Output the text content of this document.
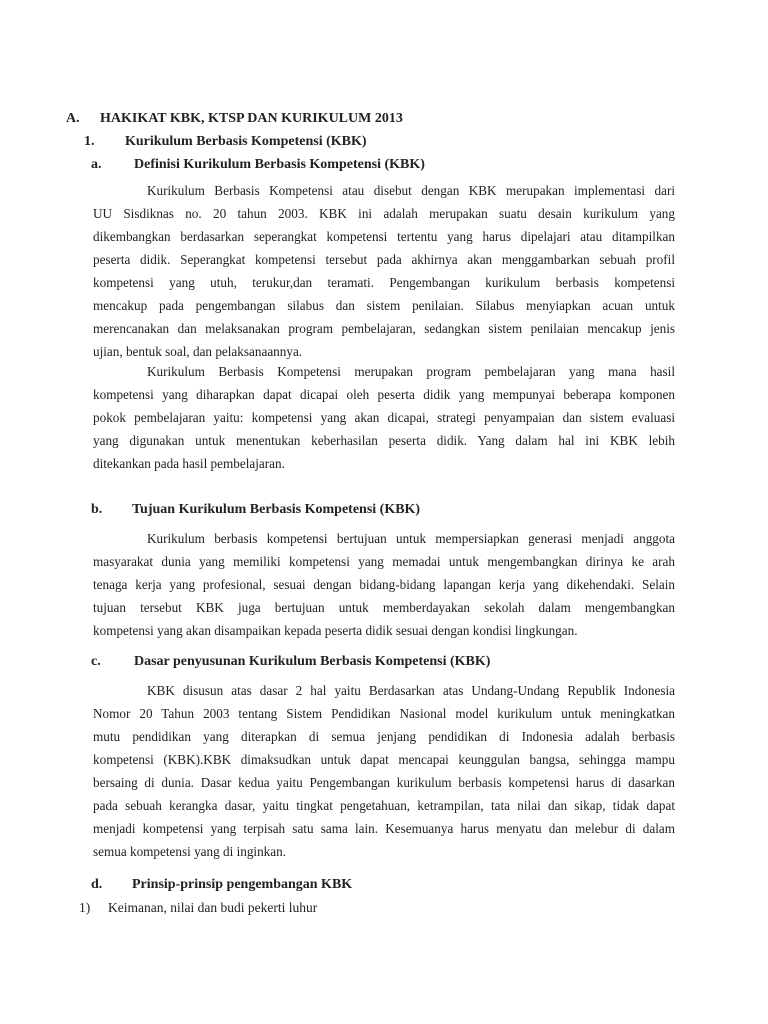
A. HAKIKAT KBK, KTSP DAN KURIKULUM 2013
1. Kurikulum Berbasis Kompetensi (KBK)
a. Definisi Kurikulum Berbasis Kompetensi (KBK)
Kurikulum Berbasis Kompetensi atau disebut dengan KBK merupakan implementasi dari
UU Sisdiknas no. 20 tahun 2003. KBK ini adalah merupakan suatu desain kurikulum yang
dikembangkan berdasarkan seperangkat kompetensi tertentu yang harus dipelajari atau ditampilkan
peserta didik. Seperangkat kompetensi tersebut pada akhirnya akan menggambarkan sebuah profil
kompetensi yang utuh, terukur,dan teramati. Pengembangan kurikulum berbasis kompetensi
mencakup pada pengembangan silabus dan sistem penilaian. Silabus menyiapkan acuan untuk
merencanakan dan melaksanakan program pembelajaran, sedangkan sistem penilaian mencakup jenis
ujian, bentuk soal, dan pelaksanaannya.
Kurikulum Berbasis Kompetensi merupakan program pembelajaran yang mana hasil
kompetensi yang diharapkan dapat dicapai oleh peserta didik yang mempunyai beberapa komponen
pokok pembelajaran yaitu: kompetensi yang akan dicapai, strategi penyampaian dan sistem evaluasi
yang digunakan untuk menentukan keberhasilan peserta didik. Yang dalam hal ini KBK lebih
ditekankan pada hasil pembelajaran.
b. Tujuan Kurikulum Berbasis Kompetensi (KBK)
Kurikulum berbasis kompetensi bertujuan untuk mempersiapkan generasi menjadi anggota
masyarakat dunia yang memiliki kompetensi yang memadai untuk mengembangkan dirinya ke arah
tenaga kerja yang profesional, sesuai dengan bidang-bidang lapangan kerja yang dikehendaki. Selain
tujuan tersebut KBK juga bertujuan untuk memberdayakan sekolah dalam mengembangkan
kompetensi yang akan disampaikan kepada peserta didik sesuai dengan kondisi lingkungan.
c. Dasar penyusunan Kurikulum Berbasis Kompetensi (KBK)
KBK disusun atas dasar 2 hal yaitu Berdasarkan atas Undang-Undang Republik Indonesia
Nomor 20 Tahun 2003 tentang Sistem Pendidikan Nasional model kurikulum untuk meningkatkan
mutu pendidikan yang diterapkan di semua jenjang pendidikan di Indonesia adalah berbasis
kompetensi (KBK).KBK dimaksudkan untuk dapat mencapai keunggulan bangsa, sehingga mampu
bersaing di dunia. Dasar kedua yaitu Pengembangan kurikulum berbasis kompetensi harus di dasarkan
pada sebuah kerangka dasar, yaitu tingkat pengetahuan, ketrampilan, tata nilai dan sikap, tidak dapat
menjadi kompetensi yang terpisah satu sama lain. Kesemuanya harus menyatu dan melebur di dalam
semua kompetensi yang di inginkan.
d. Prinsip-prinsip pengembangan KBK
1) Keimanan, nilai dan budi pekerti luhur
